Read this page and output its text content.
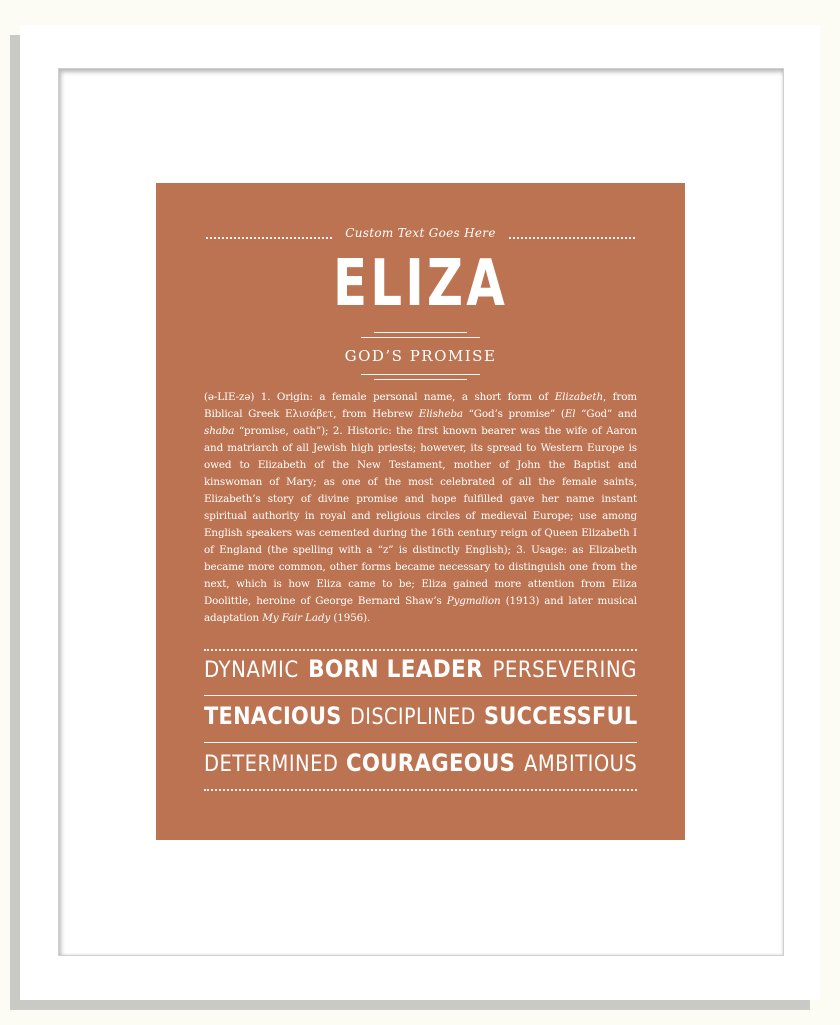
Custom Text Goes Here
ELIZA
GOD’S PROMISE
(ə-LIE-zə) 1. Origin: a female personal name, a short form of Elizabeth, from Biblical Greek Ελισάβετ, from Hebrew Elisheba “God’s promise” (El “God” and shaba “promise, oath”); 2. Historic: the first known bearer was the wife of Aaron and matriarch of all Jewish high priests; however, its spread to Western Europe is owed to Elizabeth of the New Testament, mother of John the Baptist and kinswoman of Mary; as one of the most celebrated of all the female saints, Elizabeth’s story of divine promise and hope fulfilled gave her name instant spiritual authority in royal and religious circles of medieval Europe; use among English speakers was cemented during the 16th century reign of Queen Elizabeth I of England (the spelling with a “z” is distinctly English); 3. Usage: as Elizabeth became more common, other forms became necessary to distinguish one from the next, which is how Eliza came to be; Eliza gained more attention from Eliza Doolittle, heroine of George Bernard Shaw’s Pygmalion (1913) and later musical adaptation My Fair Lady (1956).
DYNAMIC BORN LEADER PERSEVERING
TENACIOUS DISCIPLINED SUCCESSFUL
DETERMINED COURAGEOUS AMBITIOUS
